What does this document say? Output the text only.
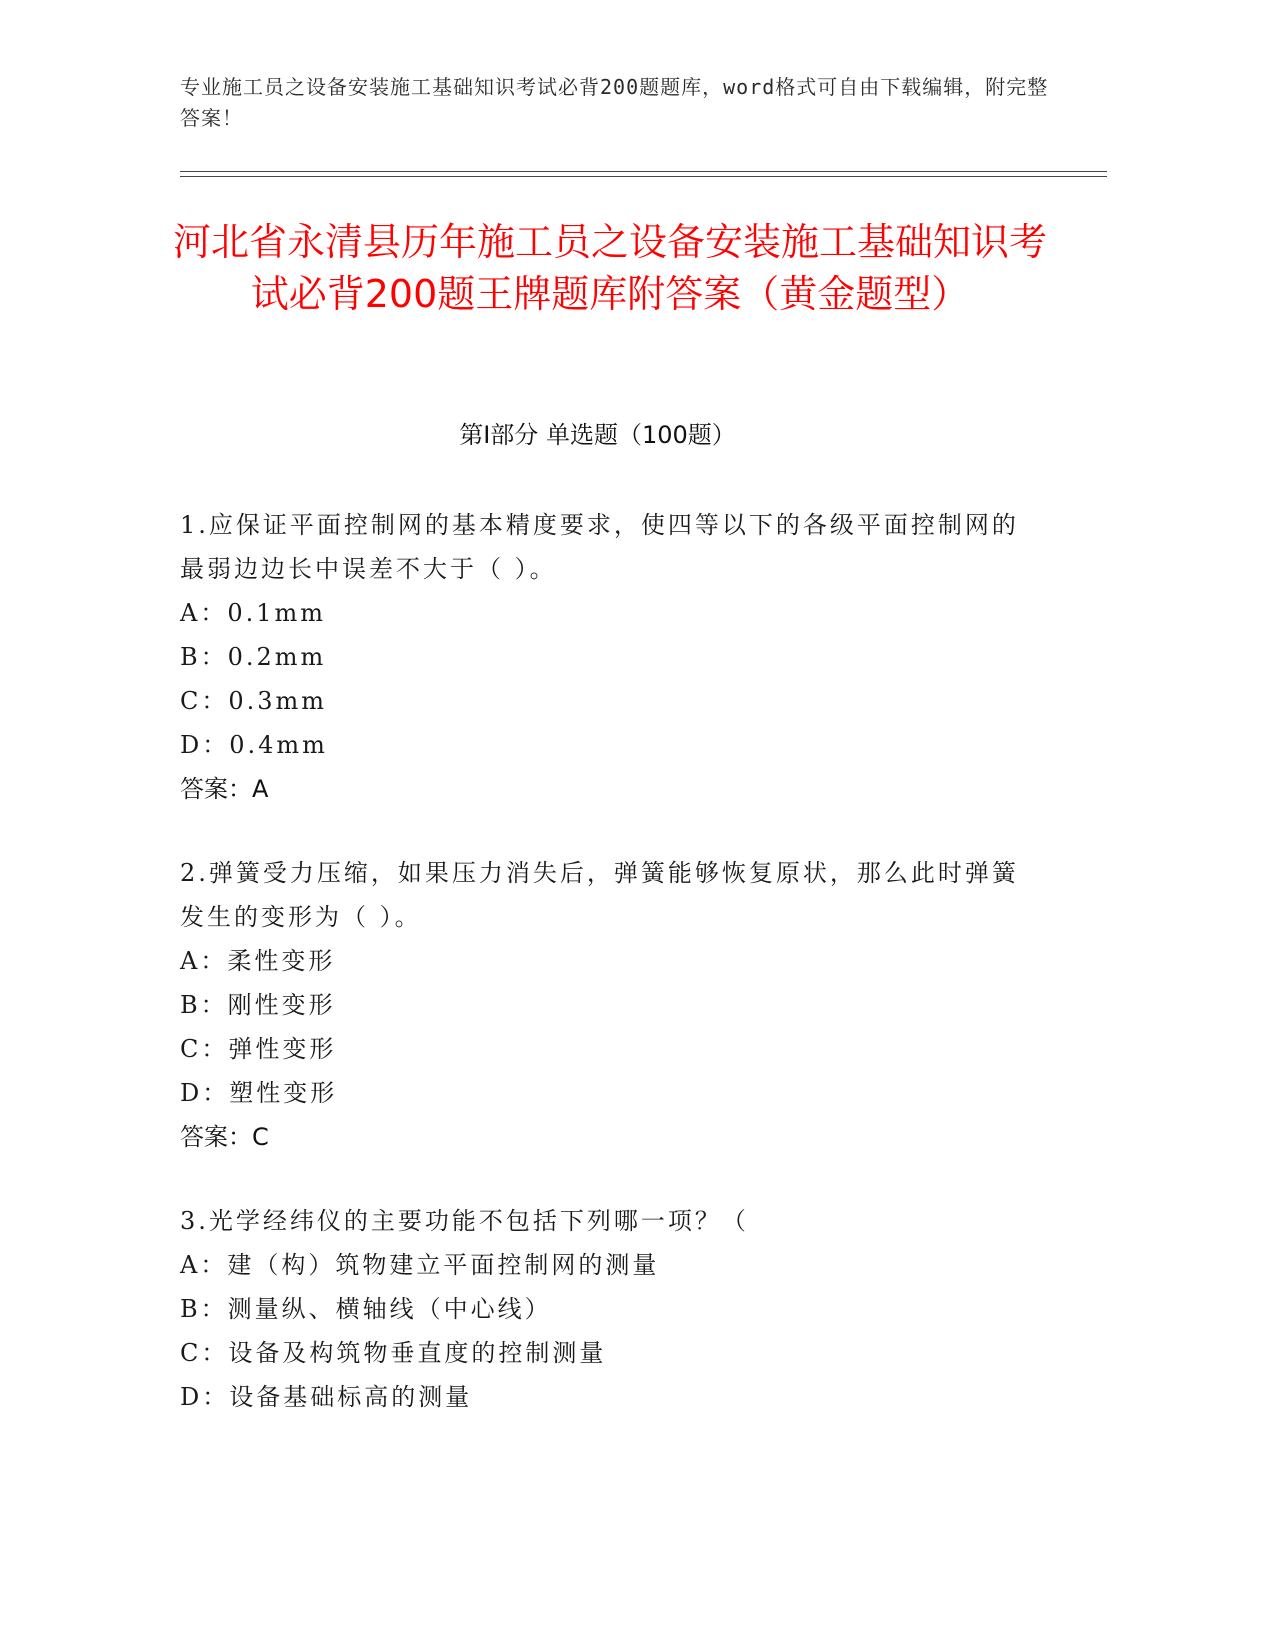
专业施工员之设备安装施工基础知识考试必背200题题库，word格式可自由下载编辑，附完整答案！
河北省永清县历年施工员之设备安装施工基础知识考试必背200题王牌题库附答案（黄金题型）
第I部分 单选题（100题）
1.应保证平面控制网的基本精度要求，使四等以下的各级平面控制网的最弱边边长中误差不大于（ ）。
A：0.1mm
B：0.2mm
C：0.3mm
D：0.4mm
答案：A
2.弹簧受力压缩，如果压力消失后，弹簧能够恢复原状，那么此时弹簧发生的变形为（ ）。
A：柔性变形
B：刚性变形
C：弹性变形
D：塑性变形
答案：C
3.光学经纬仪的主要功能不包括下列哪一项？（
A：建（构）筑物建立平面控制网的测量
B：测量纵、横轴线（中心线）
C：设备及构筑物垂直度的控制测量
D：设备基础标高的测量
